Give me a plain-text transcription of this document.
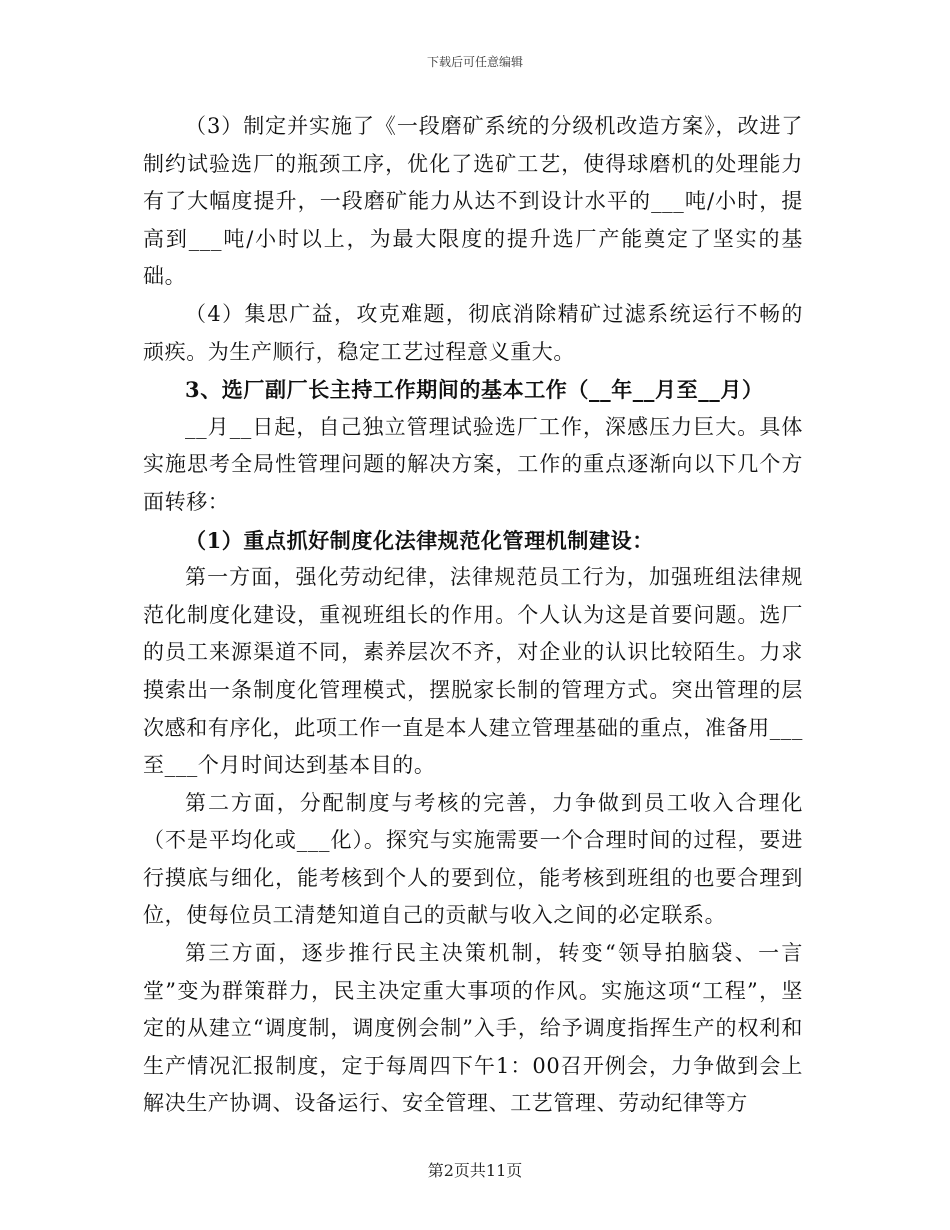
下载后可任意编辑

（3）制定并实施了《一段磨矿系统的分级机改造方案》，改进了制约试验选厂的瓶颈工序，优化了选矿工艺，使得球磨机的处理能力有了大幅度提升，一段磨矿能力从达不到设计水平的___吨/小时，提高到___吨/小时以上，为最大限度的提升选厂产能奠定了坚实的基础。

（4）集思广益，攻克难题，彻底消除精矿过滤系统运行不畅的顽疾。为生产顺行，稳定工艺过程意义重大。

3、选厂副厂长主持工作期间的基本工作（__年__月至__月）

__月__日起，自己独立管理试验选厂工作，深感压力巨大。具体实施思考全局性管理问题的解决方案，工作的重点逐渐向以下几个方面转移：

（1）重点抓好制度化法律规范化管理机制建设：

第一方面，强化劳动纪律，法律规范员工行为，加强班组法律规范化制度化建设，重视班组长的作用。个人认为这是首要问题。选厂的员工来源渠道不同，素养层次不齐，对企业的认识比较陌生。力求摸索出一条制度化管理模式，摆脱家长制的管理方式。突出管理的层次感和有序化，此项工作一直是本人建立管理基础的重点，准备用___至___个月时间达到基本目的。

第二方面，分配制度与考核的完善，力争做到员工收入合理化（不是平均化或___化）。探究与实施需要一个合理时间的过程，要进行摸底与细化，能考核到个人的要到位，能考核到班组的也要合理到位，使每位员工清楚知道自己的贡献与收入之间的必定联系。

第三方面，逐步推行民主决策机制，转变“领导拍脑袋、一言堂”变为群策群力，民主决定重大事项的作风。实施这项“工程”，坚定的从建立“调度制，调度例会制”入手，给予调度指挥生产的权利和生产情况汇报制度，定于每周四下午1：00召开例会，力争做到会上解决生产协调、设备运行、安全管理、工艺管理、劳动纪律等方

第2页共11页
